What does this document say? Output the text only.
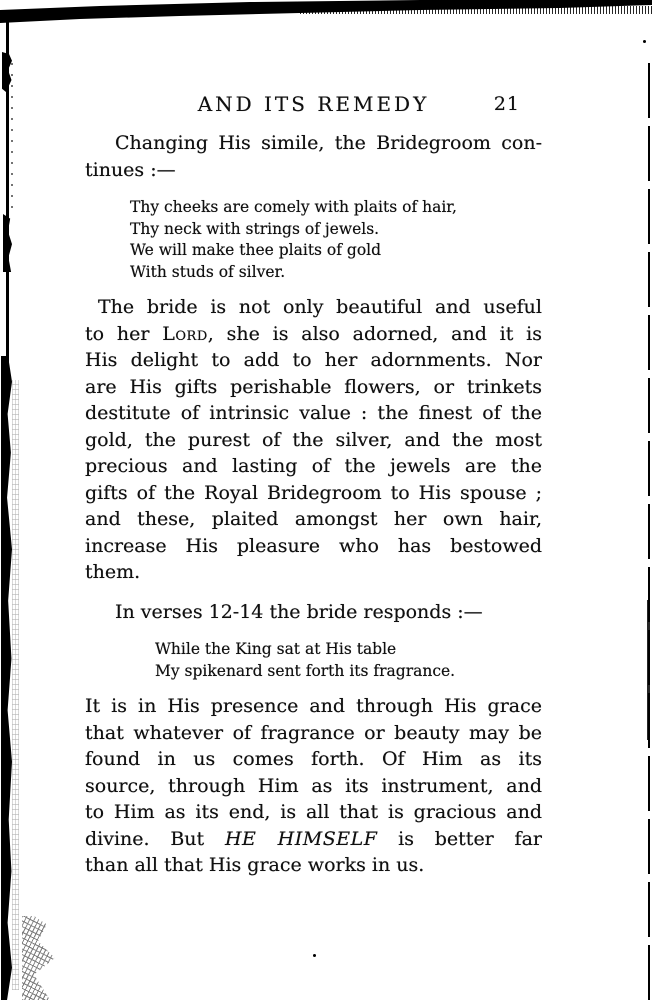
AND ITS REMEDY	21
Changing His simile, the Bridegroom con-
tinues :—
Thy cheeks are comely with plaits of hair,
Thy neck with strings of jewels.
We will make thee plaits of gold
With studs of silver.
The bride is not only beautiful and useful
to her Lord, she is also adorned, and it is
His delight to add to her adornments. Nor
are His gifts perishable flowers, or trinkets
destitute of intrinsic value : the finest of the
gold, the purest of the silver, and the most
precious and lasting of the jewels are the
gifts of the Royal Bridegroom to His spouse ;
and these, plaited amongst her own hair,
increase His pleasure who has bestowed
them.
In verses 12-14 the bride responds :—
While the King sat at His table
My spikenard sent forth its fragrance.
It is in His presence and through His grace
that whatever of fragrance or beauty may be
found in us comes forth. Of Him as its
source, through Him as its instrument, and
to Him as its end, is all that is gracious and
divine. But HE HIMSELF is better far
than all that His grace works in us.
